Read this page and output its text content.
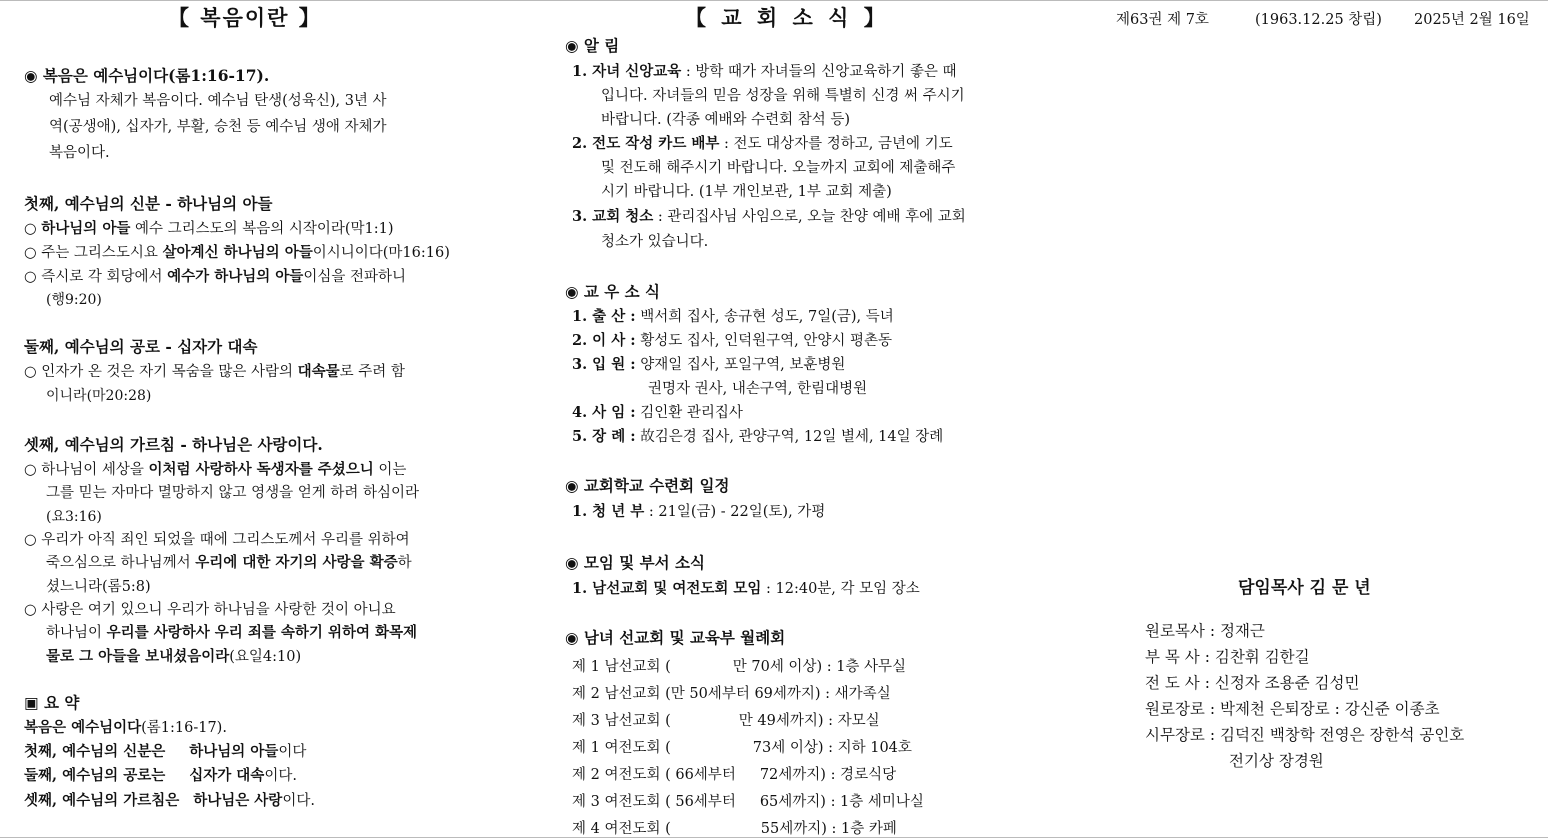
【 복음이란 】
◉ 복음은 예수님이다(롬1:16-17).
예수님 자체가 복음이다. 예수님 탄생(성육신), 3년 사
역(공생애), 십자가, 부활, 승천 등 예수님 생애 자체가
복음이다.
첫째, 예수님의 신분 - 하나님의 아들
○ 하나님의 아들 예수 그리스도의 복음의 시작이라(막1:1)
○ 주는 그리스도시요 살아계신 하나님의 아들이시니이다(마16:16)
○ 즉시로 각 회당에서 예수가 하나님의 아들이심을 전파하니
(행9:20)
둘째, 예수님의 공로 - 십자가 대속
○ 인자가 온 것은 자기 목숨을 많은 사람의 대속물로 주려 함
이니라(마20:28)
셋째, 예수님의 가르침 - 하나님은 사랑이다.
○ 하나님이 세상을 이처럼 사랑하사 독생자를 주셨으니 이는
그를 믿는 자마다 멸망하지 않고 영생을 얻게 하려 하심이라
(요3:16)
○ 우리가 아직 죄인 되었을 때에 그리스도께서 우리를 위하여
죽으심으로 하나님께서 우리에 대한 자기의 사랑을 확증하
셨느니라(롬5:8)
○ 사랑은 여기 있으니 우리가 하나님을 사랑한 것이 아니요
하나님이 우리를 사랑하사 우리 죄를 속하기 위하여 화목제
물로 그 아들을 보내셨음이라(요일4:10)
▣ 요 약
복음은 예수님이다(롬1:16-17).
첫째, 예수님의 신분은 하나님의 아들이다
둘째, 예수님의 공로는 십자가 대속이다.
셋째, 예수님의 가르침은 하나님은 사랑이다.
【 교 회 소 식 】
◉ 알 림
1. 자녀 신앙교육 : 방학 때가 자녀들의 신앙교육하기 좋은 때
입니다. 자녀들의 믿음 성장을 위해 특별히 신경 써 주시기
바랍니다. (각종 예배와 수련회 참석 등)
2. 전도 작성 카드 배부 : 전도 대상자를 정하고, 금년에 기도
및 전도해 해주시기 바랍니다. 오늘까지 교회에 제출해주
시기 바랍니다. (1부 개인보관, 1부 교회 제출)
3. 교회 청소 : 관리집사님 사임으로, 오늘 찬양 예배 후에 교회
청소가 있습니다.
◉ 교 우 소 식
1. 출 산 : 백서희 집사, 송규현 성도, 7일(금), 득녀
2. 이 사 : 황성도 집사, 인덕원구역, 안양시 평촌동
3. 입 원 : 양재일 집사, 포일구역, 보훈병원
권명자 권사, 내손구역, 한림대병원
4. 사 임 : 김인환 관리집사
5. 장 례 : 故김은경 집사, 관양구역, 12일 별세, 14일 장례
◉ 교회학교 수련회 일정
1. 청 년 부 : 21일(금) - 22일(토), 가평
◉ 모임 및 부서 소식
1. 남선교회 및 여전도회 모임 : 12:40분, 각 모임 장소
◉ 남녀 선교회 및 교육부 월례회
제 1 남선교회 (	만 70세 이상) : 1층 사무실
제 2 남선교회 (만 50세부터 69세까지) : 새가족실
제 3 남선교회 (	만 49세까지) : 자모실
제 1 여전도회 (	73세 이상) : 지하 104호
제 2 여전도회 ( 66세부터 72세까지) : 경로식당
제 3 여전도회 ( 56세부터 65세까지) : 1층 세미나실
제 4 여전도회 (	55세까지) : 1층 카페
제63권 제 7호	(1963.12.25 창립) 2025년 2월 16일
담임목사 김 문 년
원로목사 : 정재근
부 목 사 : 김찬휘 김한길
전 도 사 : 신정자 조용준 김성민
원로장로 : 박제천 은퇴장로 : 강신준 이종초
시무장로 : 김덕진 백창학 전영은 장한석 공인호
전기상 장경원
